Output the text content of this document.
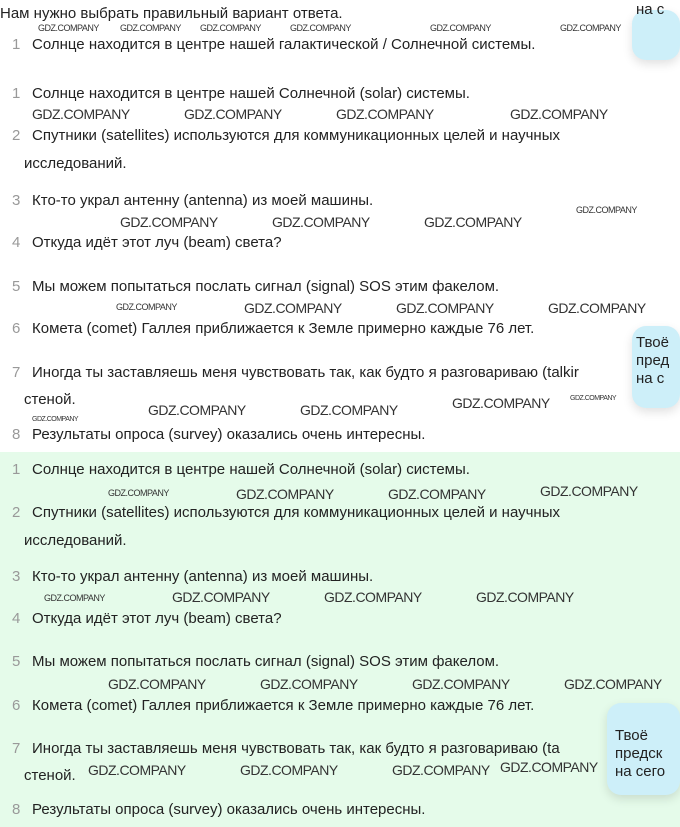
Нам нужно выбрать правильный вариант ответа.
1 Солнце находится в центре нашей галактической / Солнечной системы.
на с
1 Солнце находится в центре нашей Солнечной (solar) системы.
2 Спутники (satellites) используются для коммуникационных целей и научных
исследований.
3 Кто-то украл антенну (antenna) из моей машины.
4 Откуда идёт этот луч (beam) света?
5 Мы можем попытаться послать сигнал (signal) SOS этим факелом.
6 Комета (comet) Галлея приближается к Земле примерно каждые 76 лет.
7 Иногда ты заставляешь меня чувствовать так, как будто я разговариваю (talkir
стеной.
8 Результаты опроса (survey) оказались очень интересны.
Твоё
пред
на с
1 Солнце находится в центре нашей Солнечной (solar) системы.
2 Спутники (satellites) используются для коммуникационных целей и научных
исследований.
3 Кто-то украл антенну (antenna) из моей машины.
4 Откуда идёт этот луч (beam) света?
5 Мы можем попытаться послать сигнал (signal) SOS этим факелом.
6 Комета (comet) Галлея приближается к Земле примерно каждые 76 лет.
7 Иногда ты заставляешь меня чувствовать так, как будто я разговариваю (ta
стеной.
8 Результаты опроса (survey) оказались очень интересны.
Твоё
предск
на сего
GDZ.COMPANY GDZ.COMPANY GDZ.COMPANY	GDZ.COMPANY	GDZ.COMPANY	GDZ.COMPANY
GDZ.COMPANY	GDZ.COMPANY	GDZ.COMPANY	GDZ.COMPANY
GDZ.COMPANY
GDZ.COMPANY	GDZ.COMPANY	GDZ.COMPANY
GDZ.COMPANY	GDZ.COMPANY	GDZ.COMPANY	GDZ.COMPANY
GDZ.COMPANY	GDZ.COMPANY	GDZ.COMPANY	GDZ.COMPANY
GDZ.COMPANY
GDZ.COMPANY	GDZ.COMPANY	GDZ.COMPANY	GDZ.COMPANY
GDZ.COMPANY	GDZ.COMPANY	GDZ.COMPANY	GDZ.COMPANY
GDZ.COMPANY	GDZ.COMPANY	GDZ.COMPANY	GDZ.COMPANY
GDZ.COMPANY	GDZ.COMPANY	GDZ.COMPANY GDZ.COMPANY
